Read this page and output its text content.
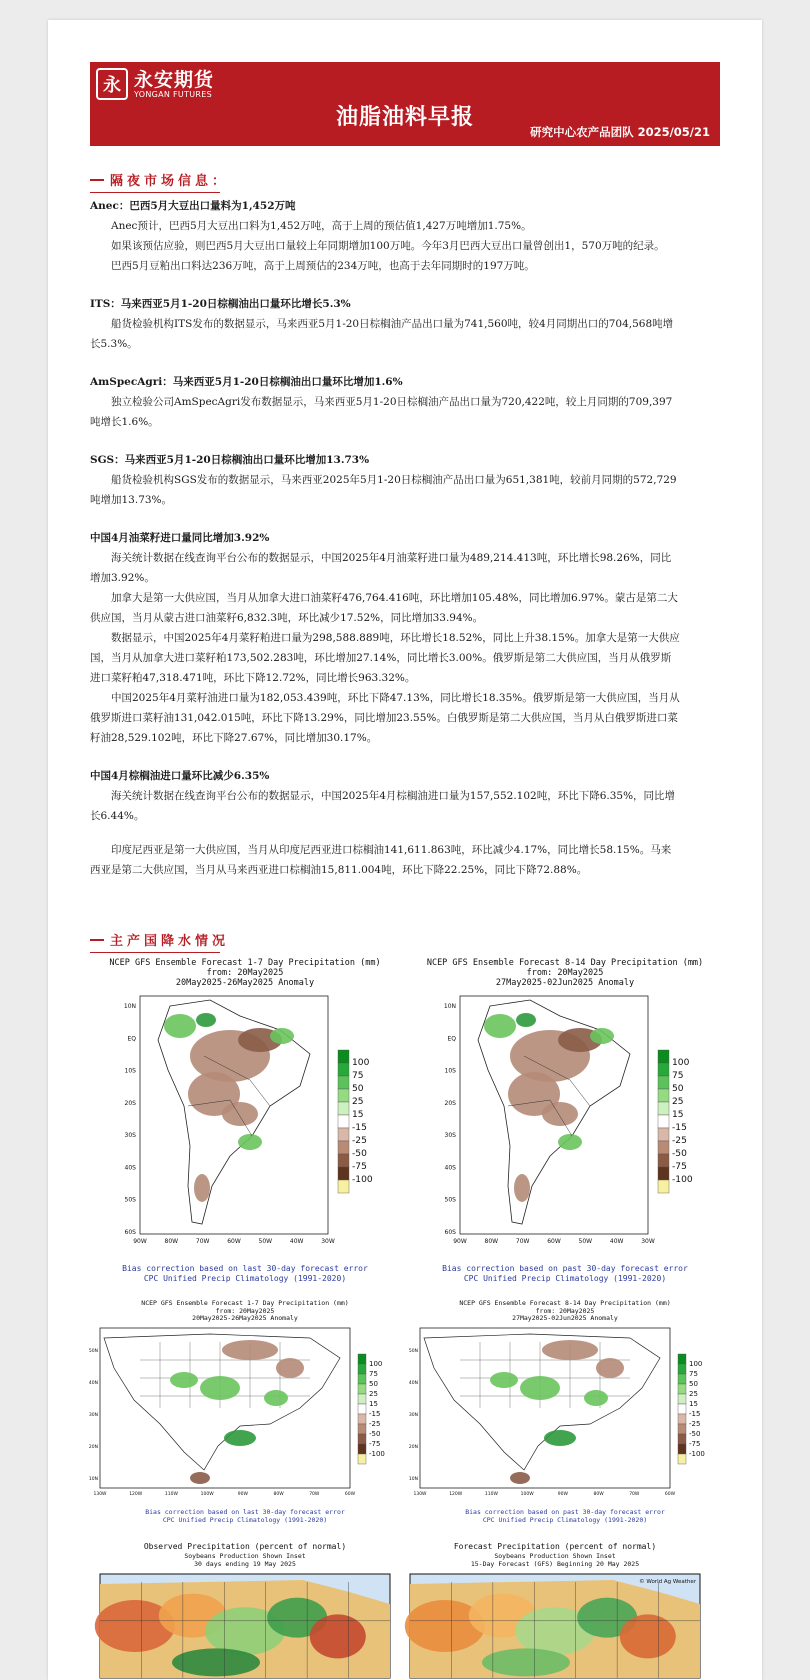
永 永安期货
YONGAN FUTURES
油脂油料早报
研究中心农产品团队 2025/05/21
隔夜市场信息：
Anec：巴西5月大豆出口量料为1,452万吨

Anec预计，巴西5月大豆出口料为1,452万吨，高于上周的预估值1,427万吨增加1.75%。

如果该预估应验，则巴西5月大豆出口量较上年同期增加100万吨。今年3月巴西大豆出口量曾创出1，570万吨的纪录。

巴西5月豆粕出口料达236万吨，高于上周预估的234万吨，也高于去年同期时的197万吨。

ITS：马来西亚5月1-20日棕榈油出口量环比增长5.3%

船货检验机构ITS发布的数据显示，马来西亚5月1-20日棕榈油产品出口量为741,560吨，较4月同期出口的704,568吨增长5.3%。

AmSpecAgri：马来西亚5月1-20日棕榈油出口量环比增加1.6%

独立检验公司AmSpecAgri发布数据显示，马来西亚5月1-20日棕榈油产品出口量为720,422吨，较上月同期的709,397吨增长1.6%。

SGS：马来西亚5月1-20日棕榈油出口量环比增加13.73%

船货检验机构SGS发布的数据显示，马来西亚2025年5月1-20日棕榈油产品出口量为651,381吨，较前月同期的572,729吨增加13.73%。

中国4月油菜籽进口量同比增加3.92%

海关统计数据在线查询平台公布的数据显示，中国2025年4月油菜籽进口量为489,214.413吨，环比增长98.26%，同比增加3.92%。

加拿大是第一大供应国，当月从加拿大进口油菜籽476,764.416吨，环比增加105.48%，同比增加6.97%。蒙古是第二大供应国，当月从蒙古进口油菜籽6,832.3吨，环比减少17.52%，同比增加33.94%。

数据显示，中国2025年4月菜籽粕进口量为298,588.889吨，环比增长18.52%，同比上升38.15%。加拿大是第一大供应国，当月从加拿大进口菜籽粕173,502.283吨，环比增加27.14%，同比增长3.00%。俄罗斯是第二大供应国，当月从俄罗斯进口菜籽粕47,318.471吨，环比下降12.72%，同比增长963.32%。

中国2025年4月菜籽油进口量为182,053.439吨，环比下降47.13%，同比增长18.35%。俄罗斯是第一大供应国，当月从俄罗斯进口菜籽油131,042.015吨，环比下降13.29%，同比增加23.55%。白俄罗斯是第二大供应国，当月从白俄罗斯进口菜籽油28,529.102吨，环比下降27.67%，同比增加30.17%。

中国4月棕榈油进口量环比减少6.35%

海关统计数据在线查询平台公布的数据显示，中国2025年4月棕榈油进口量为157,552.102吨，环比下降6.35%，同比增长6.44%。

印度尼西亚是第一大供应国，当月从印度尼西亚进口棕榈油141,611.863吨，环比减少4.17%，同比增长58.15%。马来西亚是第二大供应国，当月从马来西亚进口棕榈油15,811.004吨，环比下降22.25%，同比下降72.88%。

主产国降水情况
NCEP GFS Ensemble Forecast 1-7 Day Precipitation (mm)
from: 20May2025
20May2025-26May2025 Anomaly
10N
EQ
10S
20S
30S
40S
50S
60S
90W	80W	70W	60W	50W	40W	30W
100
75
50
25
15
-15
-25
-50
-75
-100
Bias correction based on last 30-day forecast error
CPC Unified Precip Climatology (1991-2020)
NCEP GFS Ensemble Forecast 8-14 Day Precipitation (mm)
from: 20May2025
27May2025-02Jun2025 Anomaly
10N
EQ
10S
20S
30S
40S
50S
60S
90W	80W	70W	60W	50W	40W	30W
100
75
50
25
15
-15
-25
-50
-75
-100
Bias correction based on past 30-day forecast error
CPC Unified Precip Climatology (1991-2020)
NCEP GFS Ensemble Forecast 1-7 Day Precipitation (mm)
from: 20May2025
20May2025-26May2025 Anomaly
50N
40N
30N
20N
10N
130W	120W	110W	100W	90W	80W	70W	60W
100
75
50
25
15
-15
-25
-50
-75
-100
Bias correction based on last 30-day forecast error
CPC Unified Precip Climatology (1991-2020)
NCEP GFS Ensemble Forecast 8-14 Day Precipitation (mm)
from: 20May2025
27May2025-02Jun2025 Anomaly
50N
40N
30N
20N
10N
130W	120W	110W	100W	90W	80W	70W	60W
100
75
50
25
15
-15
-25
-50
-75
-100
Bias correction based on past 30-day forecast error
CPC Unified Precip Climatology (1991-2020)
Observed Precipitation (percent of normal)
Soybeans Production Shown Inset
30 days ending 19 May 2025
Forecast Precipitation (percent of normal)
Soybeans Production Shown Inset
15-Day Forecast (GFS) Beginning 20 May 2025
© World Ag Weather
